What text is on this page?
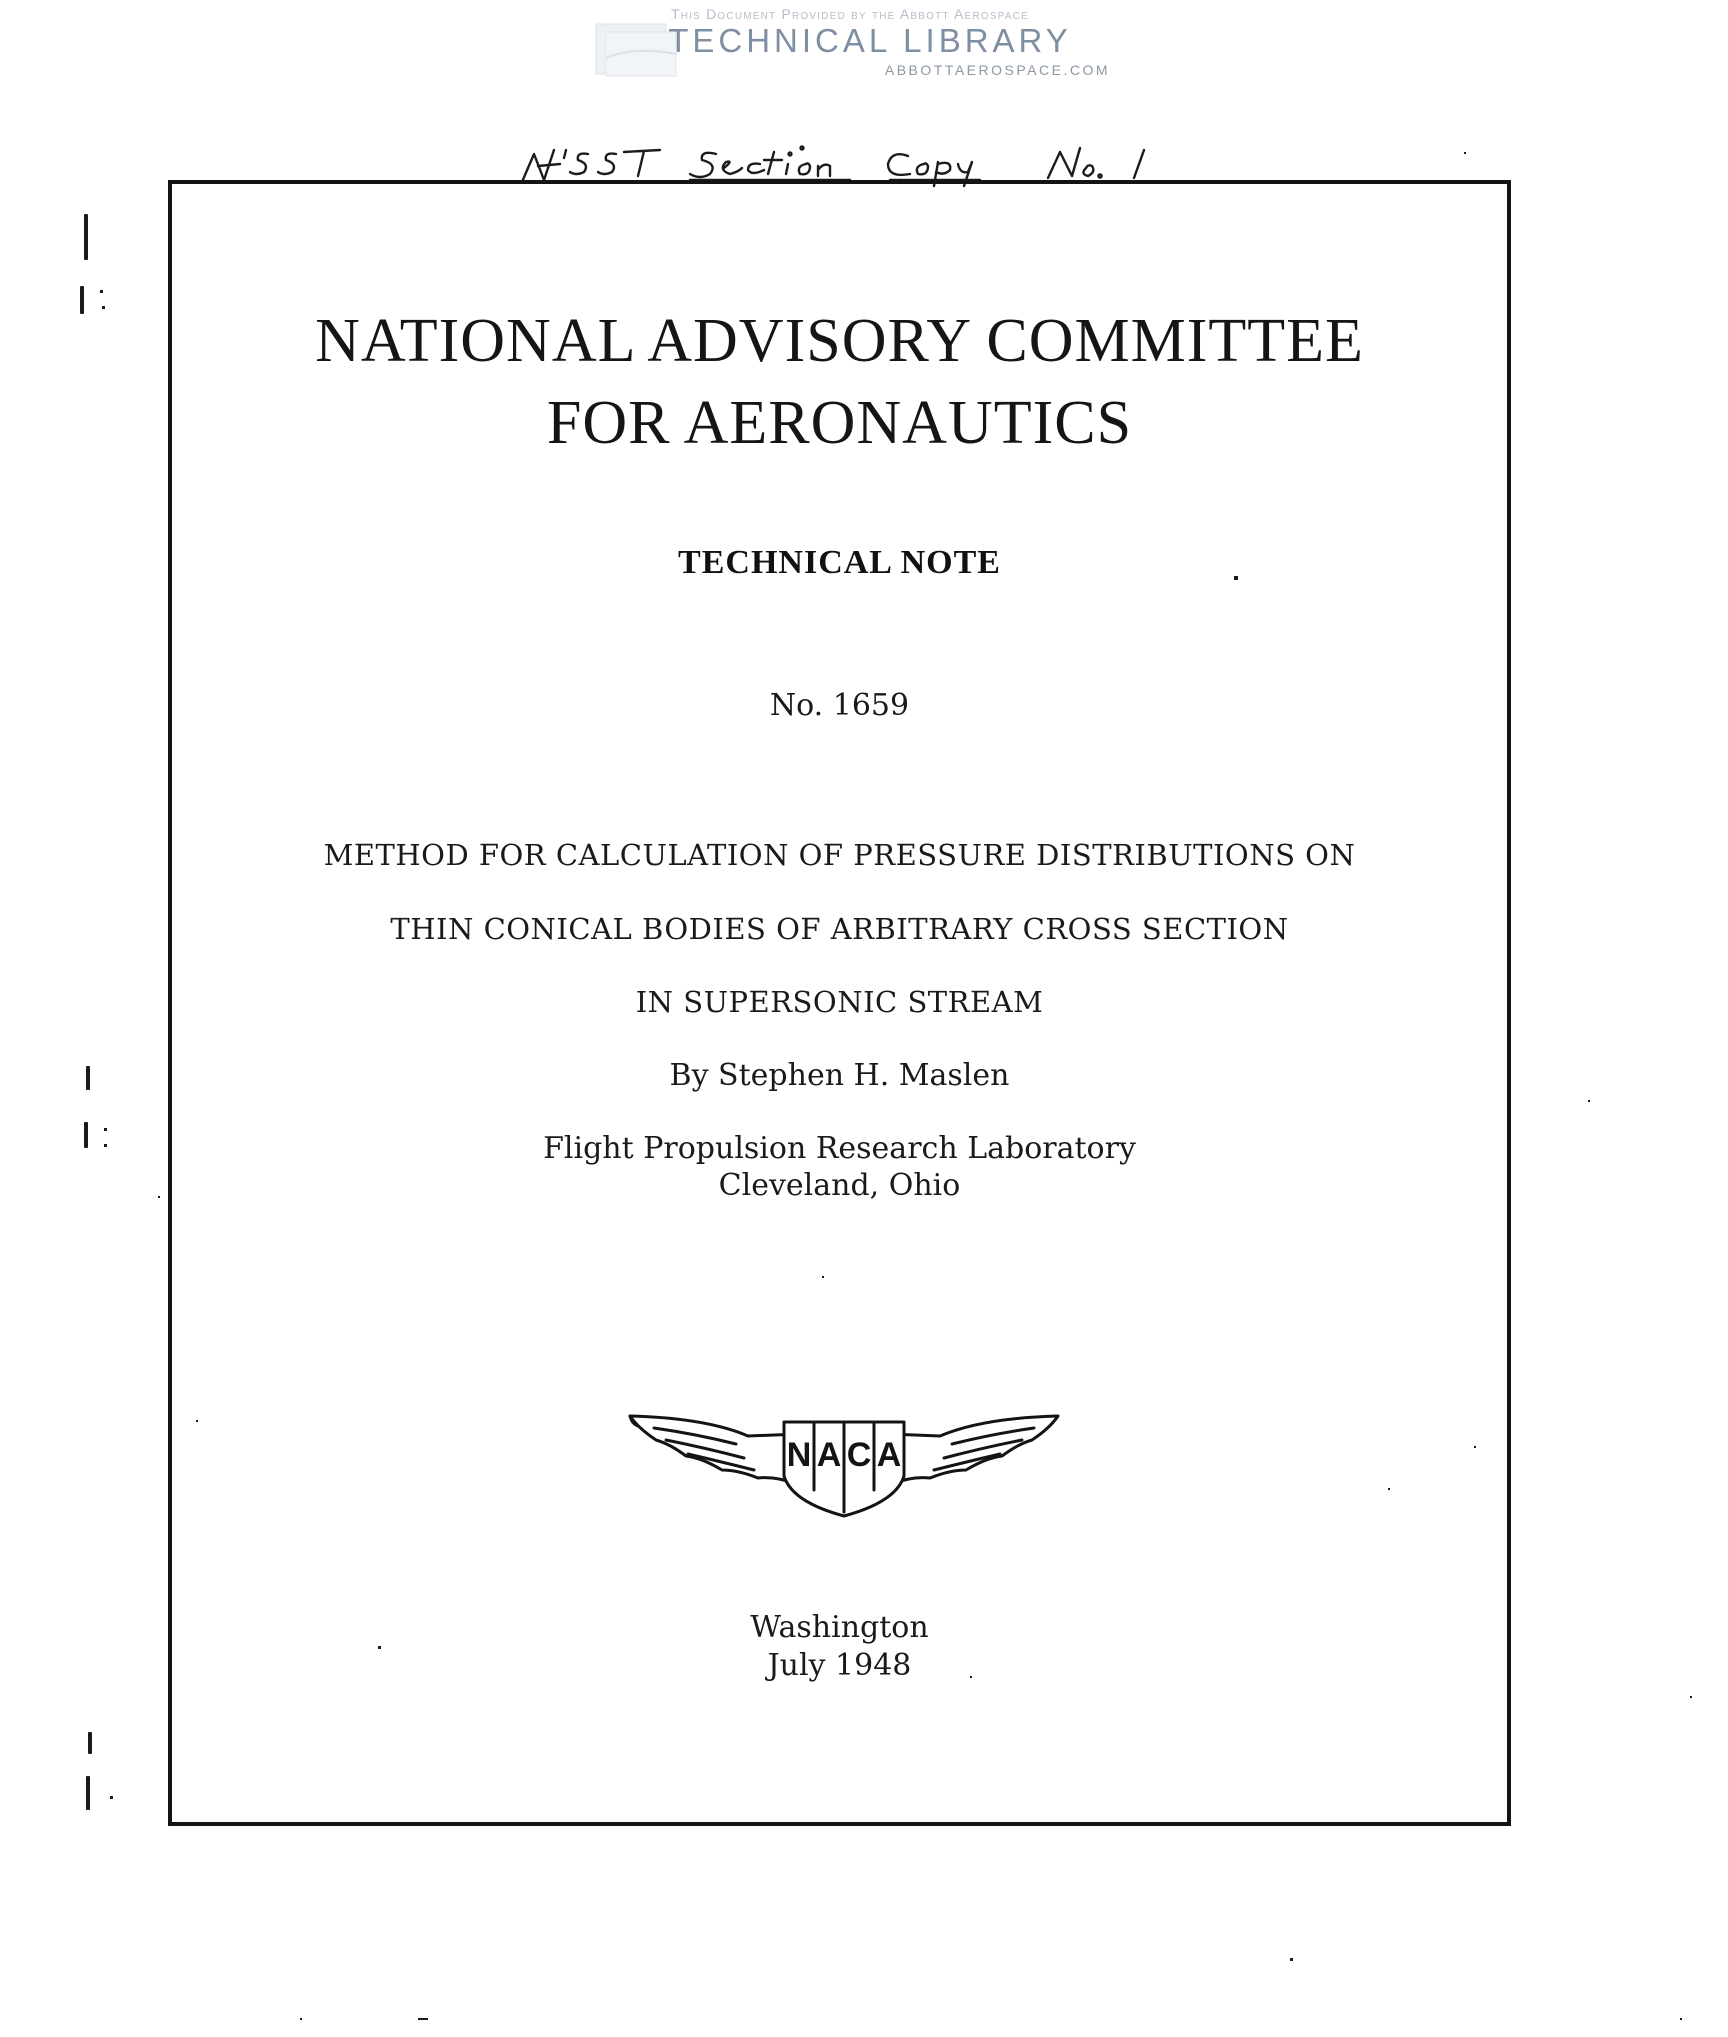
This Document Provided by the Abbott Aerospace
TECHNICAL LIBRARY
ABBOTTAEROSPACE.COM
NATIONAL ADVISORY COMMITTEE
FOR AERONAUTICS
TECHNICAL NOTE
No. 1659
METHOD FOR CALCULATION OF PRESSURE DISTRIBUTIONS ON
THIN CONICAL BODIES OF ARBITRARY CROSS SECTION
IN SUPERSONIC STREAM
By Stephen H. Maslen
Flight Propulsion Research Laboratory
Cleveland, Ohio
N A C A
Washington
July 1948
